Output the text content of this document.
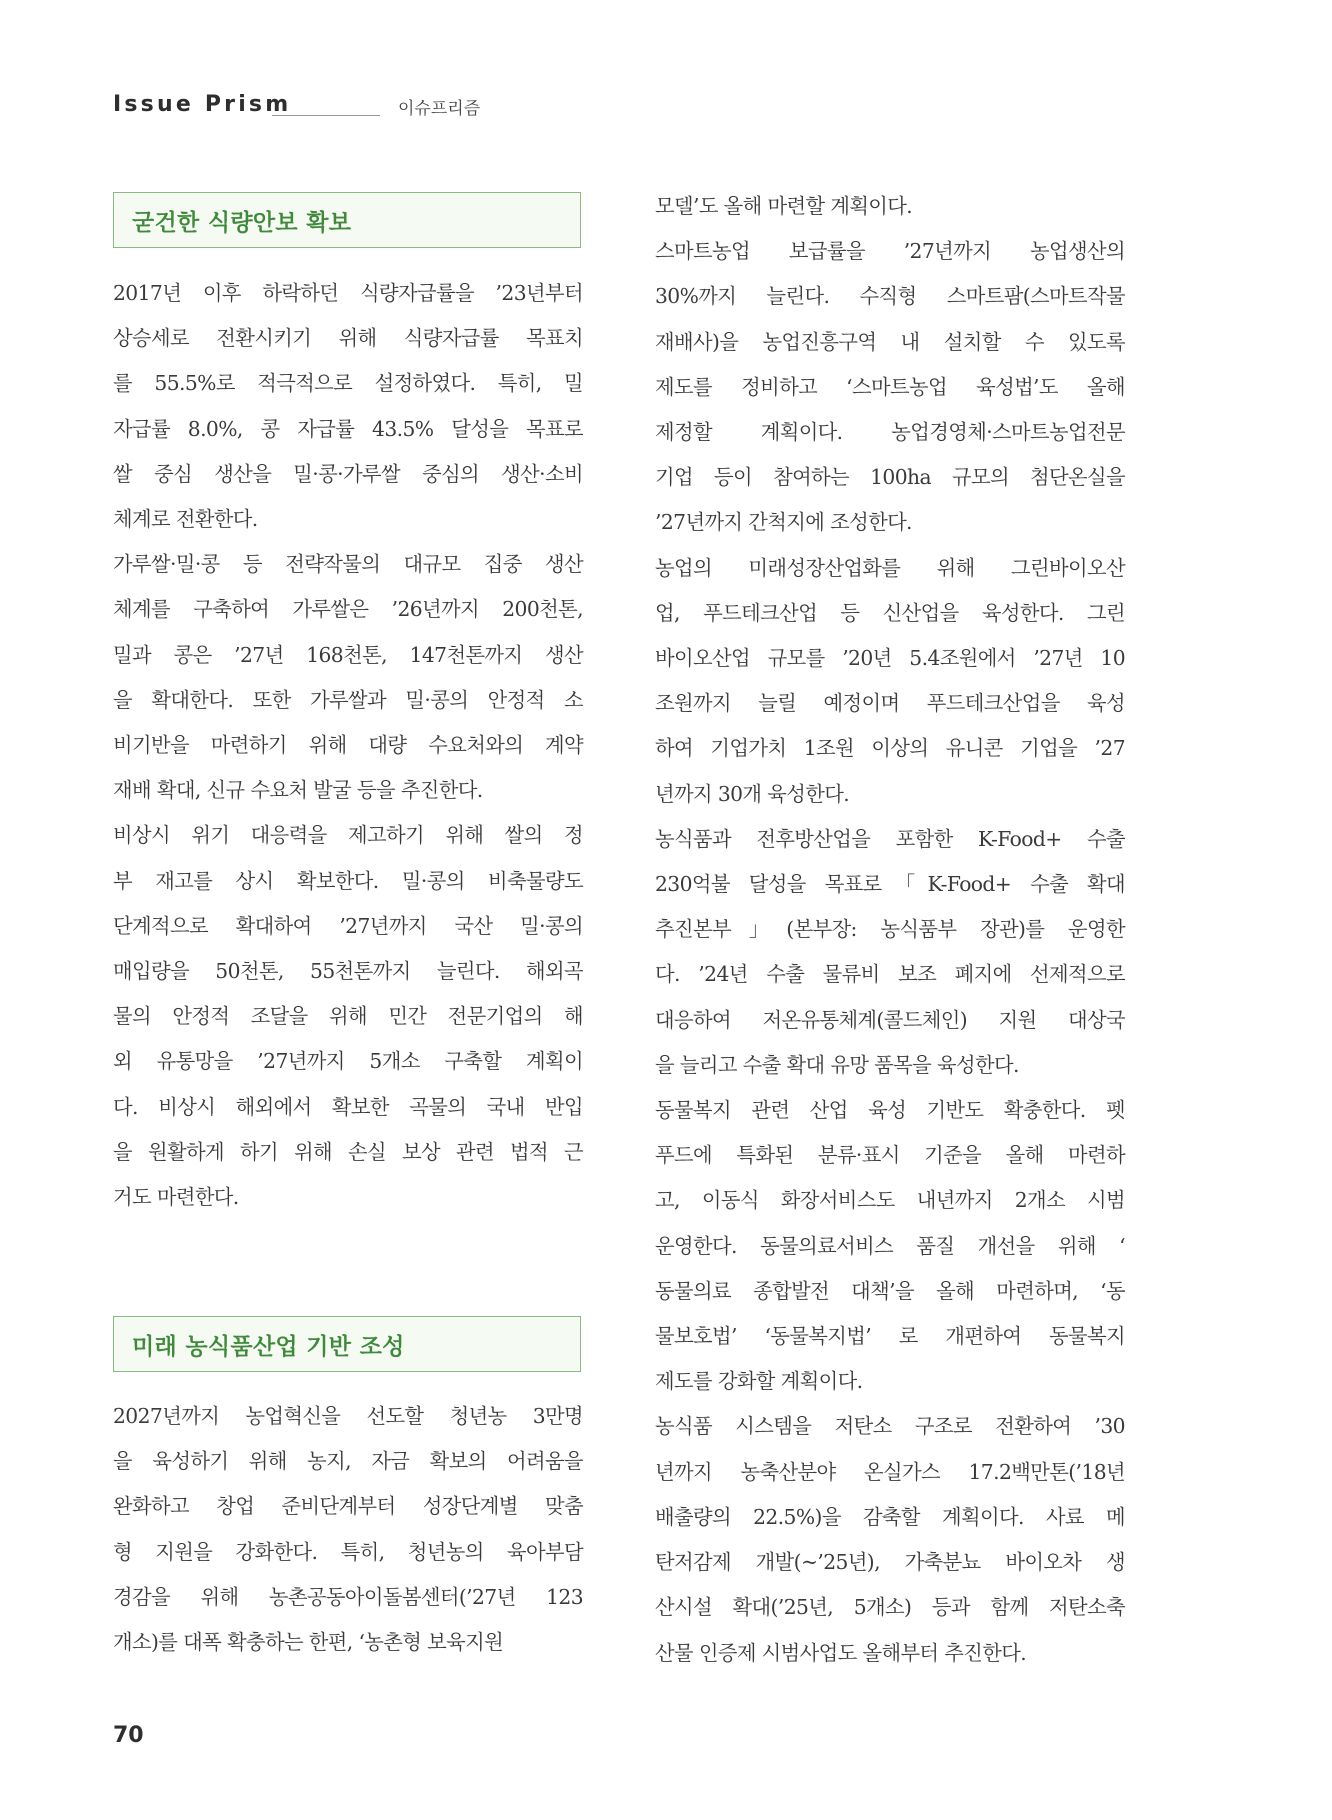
Issue Prism	이슈프리즘
굳건한 식량안보 확보

2017년 이후 하락하던 식량자급률을 ’23년부터
상승세로 전환시키기 위해 식량자급률 목표치
를 55.5%로 적극적으로 설정하였다. 특히, 밀
자급률 8.0%, 콩 자급률 43.5% 달성을 목표로
쌀 중심 생산을 밀·콩·가루쌀 중심의 생산·소비
체계로 전환한다.

가루쌀·밀·콩 등 전략작물의 대규모 집중 생산
체계를 구축하여 가루쌀은 ’26년까지 200천톤,
밀과 콩은 ’27년 168천톤, 147천톤까지 생산
을 확대한다. 또한 가루쌀과 밀·콩의 안정적 소
비기반을 마련하기 위해 대량 수요처와의 계약
재배 확대, 신규 수요처 발굴 등을 추진한다.

비상시 위기 대응력을 제고하기 위해 쌀의 정
부 재고를 상시 확보한다. 밀·콩의 비축물량도
단계적으로 확대하여 ’27년까지 국산 밀·콩의
매입량을 50천톤, 55천톤까지 늘린다. 해외곡
물의 안정적 조달을 위해 민간 전문기업의 해
외 유통망을 ’27년까지 5개소 구축할 계획이
다. 비상시 해외에서 확보한 곡물의 국내 반입
을 원활하게 하기 위해 손실 보상 관련 법적 근
거도 마련한다.

미래 농식품산업 기반 조성

2027년까지 농업혁신을 선도할 청년농 3만명
을 육성하기 위해 농지, 자금 확보의 어려움을
완화하고 창업 준비단계부터 성장단계별 맞춤
형 지원을 강화한다. 특히, 청년농의 육아부담
경감을 위해 농촌공동아이돌봄센터(’27년 123
개소)를 대폭 확충하는 한편, ‘농촌형 보육지원

모델’도 올해 마련할 계획이다.

스마트농업 보급률을 ’27년까지 농업생산의
30%까지 늘린다. 수직형 스마트팜(스마트작물
재배사)을 농업진흥구역 내 설치할 수 있도록
제도를 정비하고 ‘스마트농업 육성법’도 올해
제정할 계획이다. 농업경영체·스마트농업전문
기업 등이 참여하는 100ha 규모의 첨단온실을
’27년까지 간척지에 조성한다.

농업의 미래성장산업화를 위해 그린바이오산
업, 푸드테크산업 등 신산업을 육성한다. 그린
바이오산업 규모를 ’20년 5.4조원에서 ’27년 10
조원까지 늘릴 예정이며 푸드테크산업을 육성
하여 기업가치 1조원 이상의 유니콘 기업을 ’27
년까지 30개 육성한다.

농식품과 전후방산업을 포함한 K-Food+ 수출
230억불 달성을 목표로「K-Food+ 수출 확대
추진본부」(본부장: 농식품부 장관)를 운영한
다. ’24년 수출 물류비 보조 폐지에 선제적으로
대응하여 저온유통체계(콜드체인) 지원 대상국
을 늘리고 수출 확대 유망 품목을 육성한다.

동물복지 관련 산업 육성 기반도 확충한다. 펫
푸드에 특화된 분류·표시 기준을 올해 마련하
고, 이동식 화장서비스도 내년까지 2개소 시범
운영한다. 동물의료서비스 품질 개선을 위해 ‘
동물의료 종합발전 대책’을 올해 마련하며, ‘동
물보호법’ ‘동물복지법’ 로 개편하여 동물복지
제도를 강화할 계획이다.

농식품 시스템을 저탄소 구조로 전환하여 ’30
년까지 농축산분야 온실가스 17.2백만톤(’18년
배출량의 22.5%)을 감축할 계획이다. 사료 메
탄저감제 개발(~’25년), 가축분뇨 바이오차 생
산시설 확대(’25년, 5개소) 등과 함께 저탄소축
산물 인증제 시범사업도 올해부터 추진한다.

70
